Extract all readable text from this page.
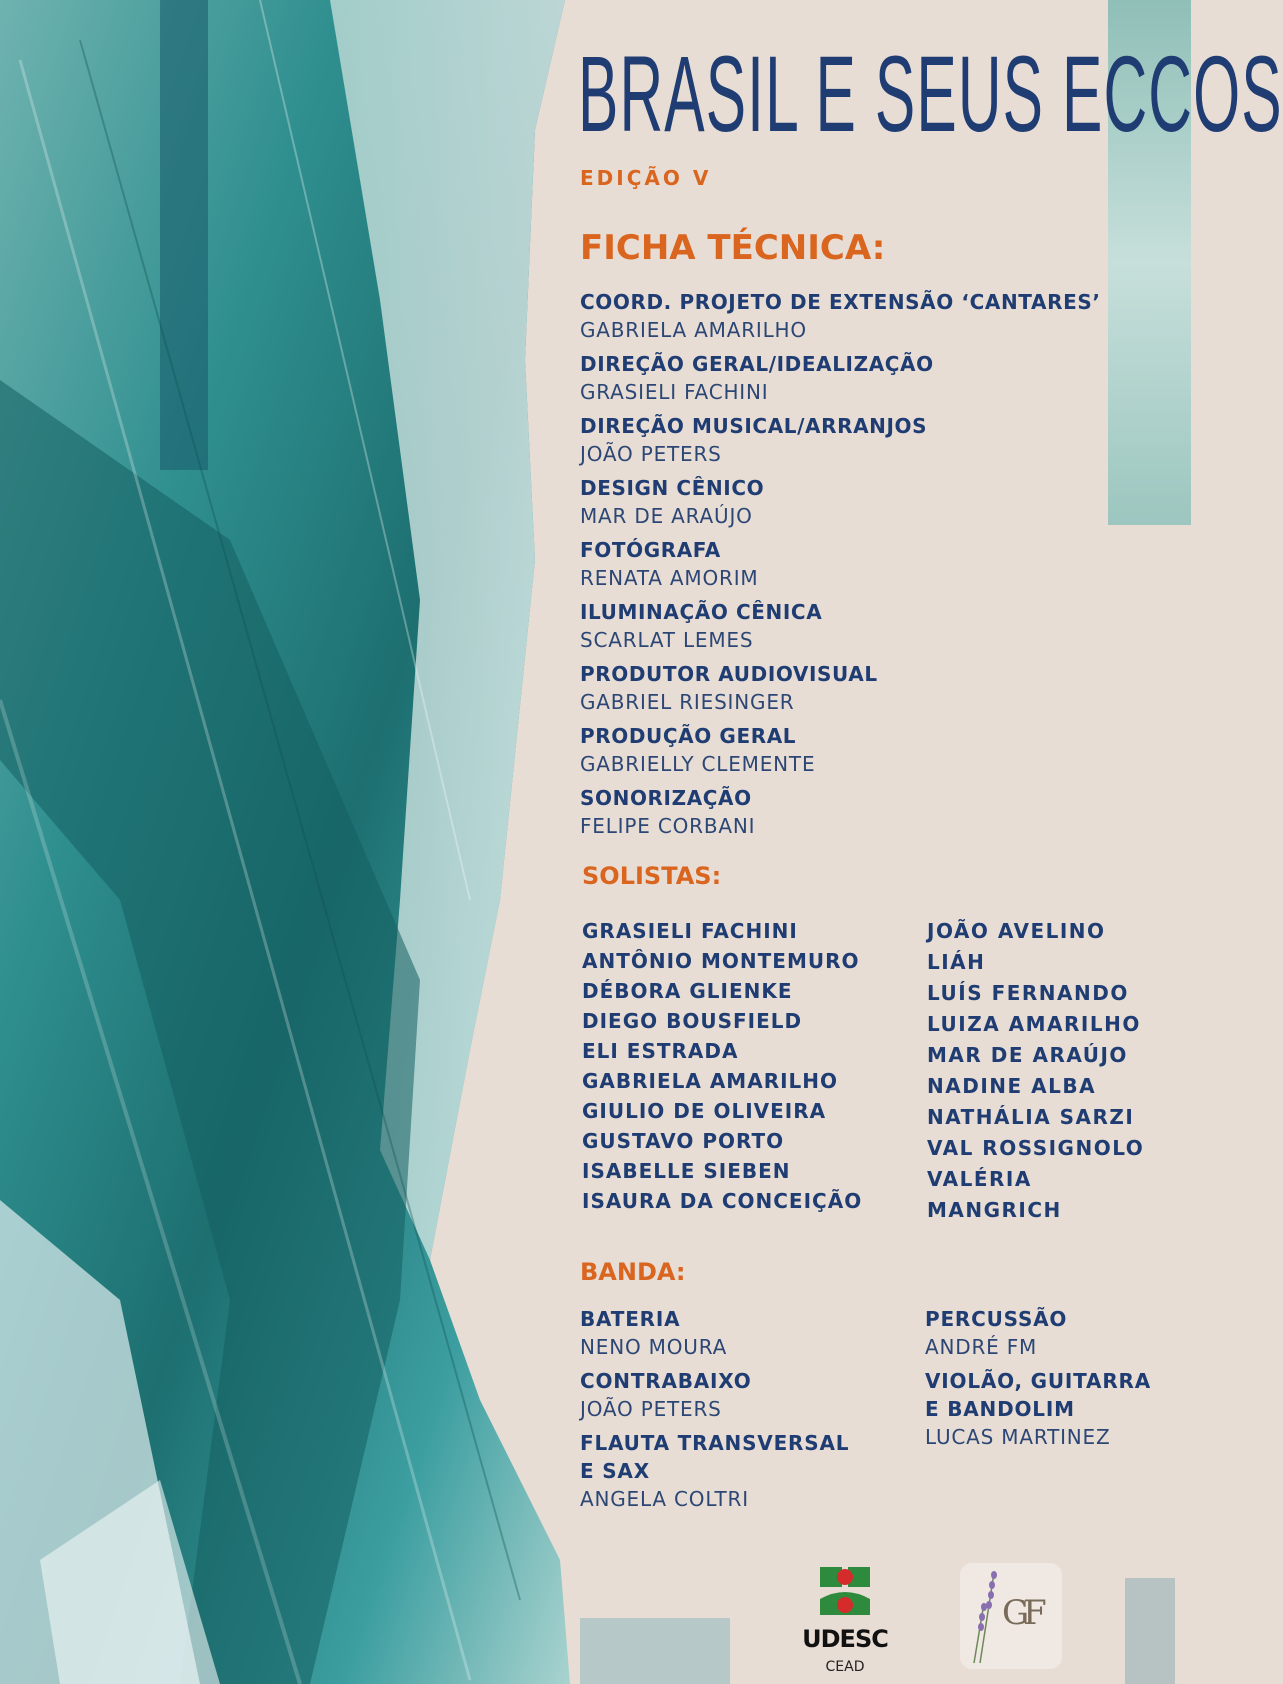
BRASIL E SEUS ECCOS
EDIÇÃO V
FICHA TÉCNICA:
COORD. PROJETO DE EXTENSÃO ‘CANTARES’
GABRIELA AMARILHO
DIREÇÃO GERAL/IDEALIZAÇÃO
GRASIELI FACHINI
DIREÇÃO MUSICAL/ARRANJOS
JOÃO PETERS
DESIGN CÊNICO
MAR DE ARAÚJO
FOTÓGRAFA
RENATA AMORIM
ILUMINAÇÃO CÊNICA
SCARLAT LEMES
PRODUTOR AUDIOVISUAL
GABRIEL RIESINGER
PRODUÇÃO GERAL
GABRIELLY CLEMENTE
SONORIZAÇÃO
FELIPE CORBANI
SOLISTAS:
GRASIELI FACHINI
ANTÔNIO MONTEMURO
DÉBORA GLIENKE
DIEGO BOUSFIELD
ELI ESTRADA
GABRIELA AMARILHO
GIULIO DE OLIVEIRA
GUSTAVO PORTO
ISABELLE SIEBEN
ISAURA DA CONCEIÇÃO
JOÃO AVELINO
LIÁH
LUÍS FERNANDO
LUIZA AMARILHO
MAR DE ARAÚJO
NADINE ALBA
NATHÁLIA SARZI
VAL ROSSIGNOLO
VALÉRIA
MANGRICH
BANDA:
BATERIA
NENO MOURA
CONTRABAIXO
JOÃO PETERS
FLAUTA TRANSVERSAL
E SAX
ANGELA COLTRI
PERCUSSÃO
ANDRÉ FM
VIOLÃO, GUITARRA
E BANDOLIM
LUCAS MARTINEZ
UDESC
CEAD
GF
